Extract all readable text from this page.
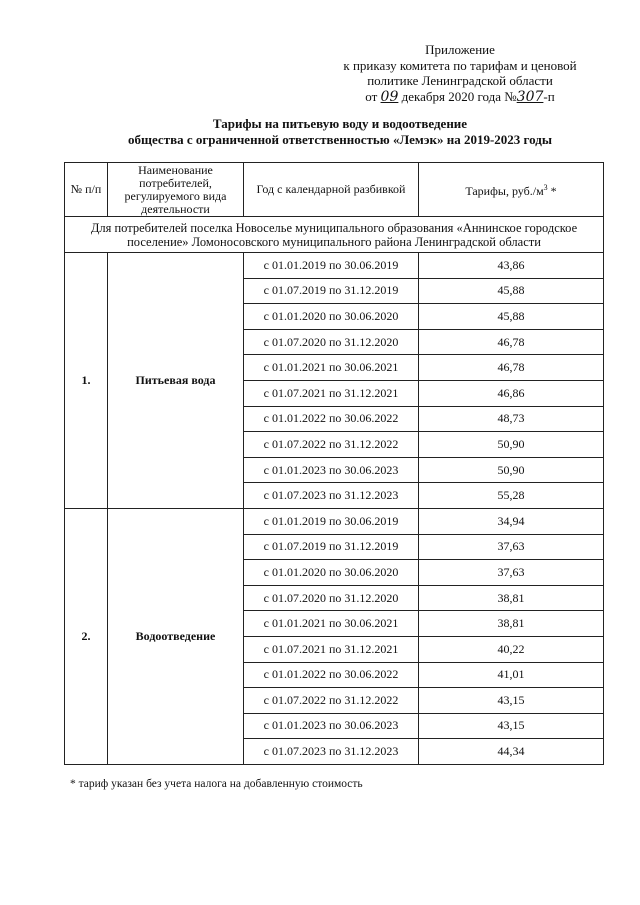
Приложение
к приказу комитета по тарифам и ценовой
политике Ленинградской области
от 09 декабря 2020 года №307-п
Тарифы на питьевую воду и водоотведение
общества с ограниченной ответственностью «Лемэк» на 2019-2023 годы
№ п/п	Наименование потребителей, регулируемого вида деятельности	Год с календарной разбивкой	Тарифы, $руб./м^3$ *
Для потребителей поселка Новоселье муниципального образования «Аннинское городское поселение» Ломоносовского муниципального района Ленинградской области			
1.	Питьевая вода	с 01.01.2019 по 30.06.2019	43,86
		с 01.07.2019 по 31.12.2019	45,88
		с 01.01.2020 по 30.06.2020	45,88
		с 01.07.2020 по 31.12.2020	46,78
		с 01.01.2021 по 30.06.2021	46,78
		с 01.07.2021 по 31.12.2021	46,86
		с 01.01.2022 по 30.06.2022	48,73
		с 01.07.2022 по 31.12.2022	50,90
		с 01.01.2023 по 30.06.2023	50,90
		с 01.07.2023 по 31.12.2023	55,28
2.	Водоотведение	с 01.01.2019 по 30.06.2019	34,94
		с 01.07.2019 по 31.12.2019	37,63
		с 01.01.2020 по 30.06.2020	37,63
		с 01.07.2020 по 31.12.2020	38,81
		с 01.01.2021 по 30.06.2021	38,81
		с 01.07.2021 по 31.12.2021	40,22
		с 01.01.2022 по 30.06.2022	41,01
		с 01.07.2022 по 31.12.2022	43,15
		с 01.01.2023 по 30.06.2023	43,15
		с 01.07.2023 по 31.12.2023	44,34
* тариф указан без учета налога на добавленную стоимость
